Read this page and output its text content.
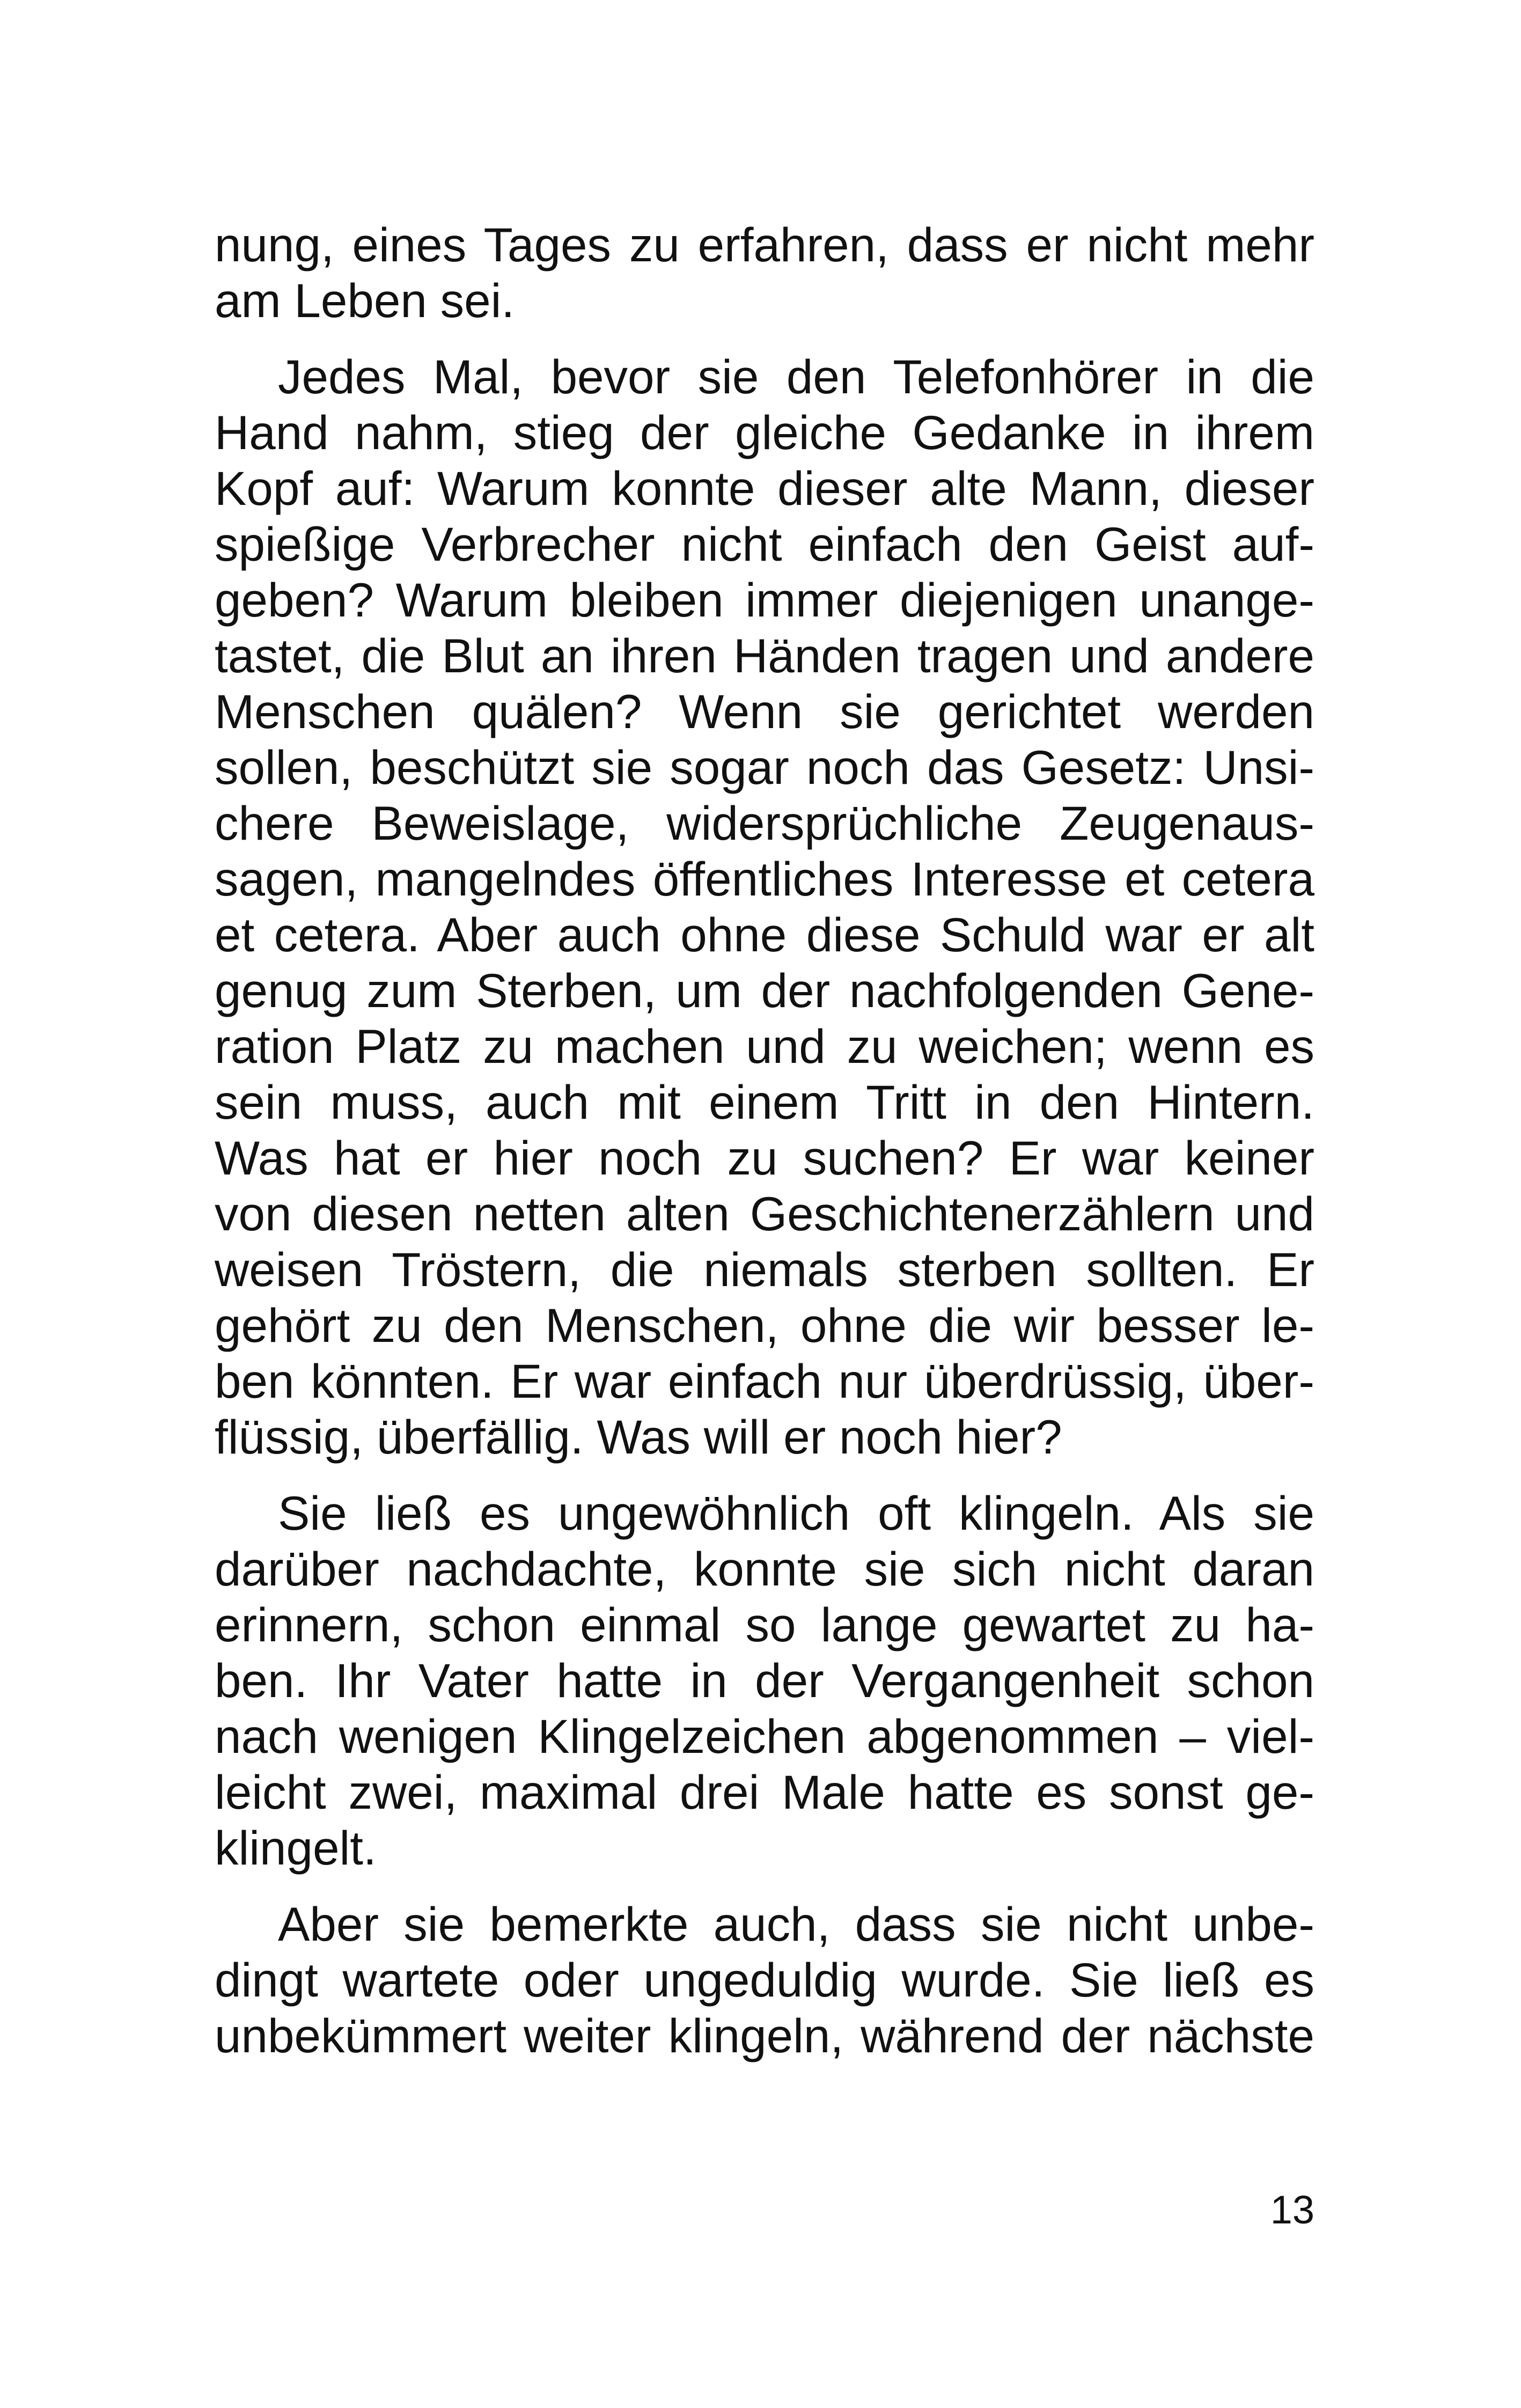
nung, eines Tages zu erfahren, dass er nicht mehr
am Leben sei.
Jedes Mal, bevor sie den Telefonhörer in die
Hand nahm, stieg der gleiche Gedanke in ihrem
Kopf auf: Warum konnte dieser alte Mann, dieser
spießige Verbrecher nicht einfach den Geist auf-
geben? Warum bleiben immer diejenigen unange-
tastet, die Blut an ihren Händen tragen und andere
Menschen quälen? Wenn sie gerichtet werden
sollen, beschützt sie sogar noch das Gesetz: Unsi-
chere Beweislage, widersprüchliche Zeugenaus-
sagen, mangelndes öffentliches Interesse et cetera
et cetera. Aber auch ohne diese Schuld war er alt
genug zum Sterben, um der nachfolgenden Gene-
ration Platz zu machen und zu weichen; wenn es
sein muss, auch mit einem Tritt in den Hintern.
Was hat er hier noch zu suchen? Er war keiner
von diesen netten alten Geschichtenerzählern und
weisen Tröstern, die niemals sterben sollten. Er
gehört zu den Menschen, ohne die wir besser le-
ben könnten. Er war einfach nur überdrüssig, über-
flüssig, überfällig. Was will er noch hier?
Sie ließ es ungewöhnlich oft klingeln. Als sie
darüber nachdachte, konnte sie sich nicht daran
erinnern, schon einmal so lange gewartet zu ha-
ben. Ihr Vater hatte in der Vergangenheit schon
nach wenigen Klingelzeichen abgenommen – viel-
leicht zwei, maximal drei Male hatte es sonst ge-
klingelt.
Aber sie bemerkte auch, dass sie nicht unbe-
dingt wartete oder ungeduldig wurde. Sie ließ es
unbekümmert weiter klingeln, während der nächste
13
